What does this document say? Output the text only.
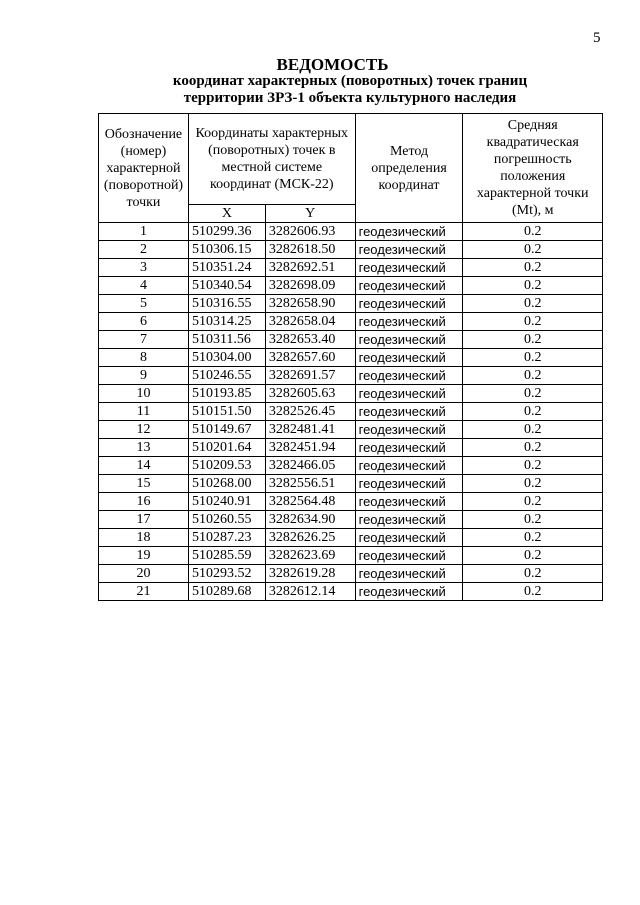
5
ВЕДОМОСТЬ
координат характерных (поворотных) точек границ
территории ЗРЗ-1 объекта культурного наследия
Обозначение (номер) характерной (поворотной) точки	Координаты характерных (поворотных) точек в местной системе координат (МСК-22)		Метод определения координат	Средняя квадратическая погрешность положения характерной точки (Mt), м
	X	Y		
1	510299.36	3282606.93	геодезический	0.2
2	510306.15	3282618.50	геодезический	0.2
3	510351.24	3282692.51	геодезический	0.2
4	510340.54	3282698.09	геодезический	0.2
5	510316.55	3282658.90	геодезический	0.2
6	510314.25	3282658.04	геодезический	0.2
7	510311.56	3282653.40	геодезический	0.2
8	510304.00	3282657.60	геодезический	0.2
9	510246.55	3282691.57	геодезический	0.2
10	510193.85	3282605.63	геодезический	0.2
11	510151.50	3282526.45	геодезический	0.2
12	510149.67	3282481.41	геодезический	0.2
13	510201.64	3282451.94	геодезический	0.2
14	510209.53	3282466.05	геодезический	0.2
15	510268.00	3282556.51	геодезический	0.2
16	510240.91	3282564.48	геодезический	0.2
17	510260.55	3282634.90	геодезический	0.2
18	510287.23	3282626.25	геодезический	0.2
19	510285.59	3282623.69	геодезический	0.2
20	510293.52	3282619.28	геодезический	0.2
21	510289.68	3282612.14	геодезический	0.2
